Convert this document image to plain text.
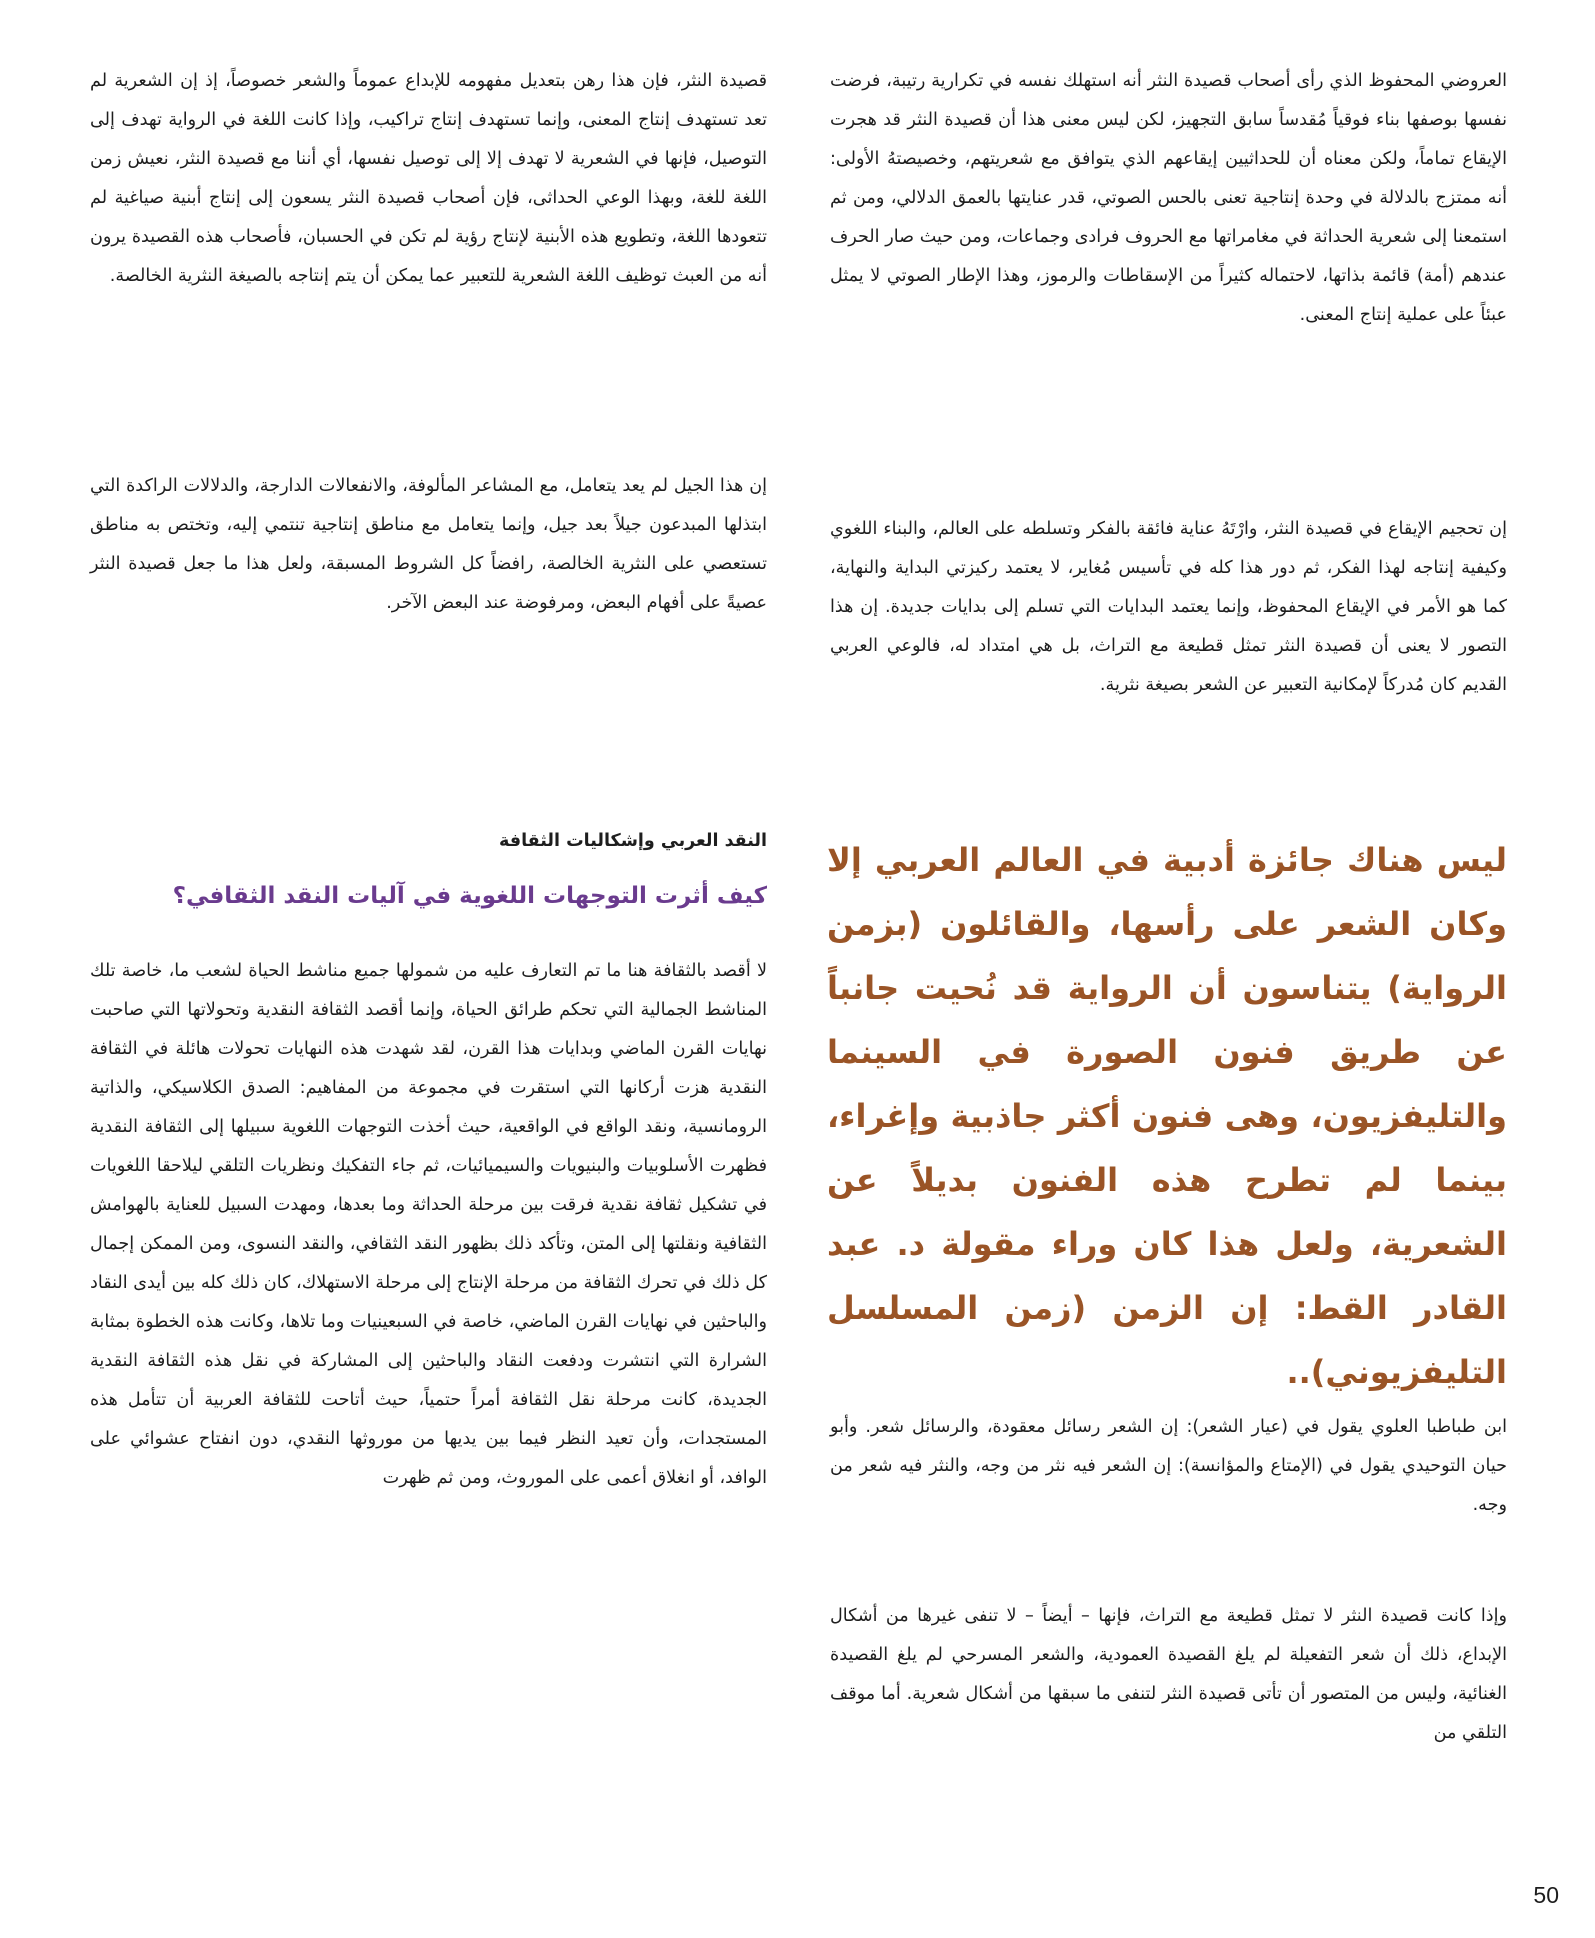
العروضي المحفوظ الذي رأى أصحاب قصيدة النثر أنه استهلك نفسه في تكرارية رتيبة، فرضت نفسها بوصفها بناء فوقياً مُقدساً سابق التجهيز، لكن ليس معنى هذا أن قصيدة النثر قد هجرت الإيقاع تماماً، ولكن معناه أن للحداثيين إيقاعهم الذي يتوافق مع شعريتهم، وخصيصتهُ الأولى: أنه ممتزج بالدلالة في وحدة إنتاجية تعنى بالحس الصوتي، قدر عنايتها بالعمق الدلالي، ومن ثم استمعنا إلى شعرية الحداثة في مغامراتها مع الحروف فرادى وجماعات، ومن حيث صار الحرف عندهم (أمة) قائمة بذاتها، لاحتماله كثيراً من الإسقاطات والرموز، وهذا الإطار الصوتي لا يمثل عبئاً على عملية إنتاج المعنى.

إن تحجيم الإيقاع في قصيدة النثر، وارْتَهُ عناية فائقة بالفكر وتسلطه على العالم، والبناء اللغوي وكيفية إنتاجه لهذا الفكر، ثم دور هذا كله في تأسيس مُغاير، لا يعتمد ركيزتي البداية والنهاية، كما هو الأمر في الإيقاع المحفوظ، وإنما يعتمد البدايات التي تسلم إلى بدايات جديدة. إن هذا التصور لا يعنى أن قصيدة النثر تمثل قطيعة مع التراث، بل هي امتداد له، فالوعي العربي القديم كان مُدركاً لإمكانية التعبير عن الشعر بصيغة نثرية.

ليس هناك جائزة أدبية في العالم العربي إلا وكان الشعر على رأسها، والقائلون (بزمن الرواية) يتناسون أن الرواية قد نُحيت جانباً عن طريق فنون الصورة في السينما والتليفزيون، وهى فنون أكثر جاذبية وإغراء، بينما لم تطرح هذه الفنون بديلاً عن الشعرية، ولعل هذا كان وراء مقولة د. عبد القادر القط: إن الزمن (زمن المسلسل التليفزيوني)..

ابن طباطبا العلوي يقول في (عيار الشعر): إن الشعر رسائل معقودة، والرسائل شعر. وأبو حيان التوحيدي يقول في (الإمتاع والمؤانسة): إن الشعر فيه نثر من وجه، والنثر فيه شعر من وجه.

وإذا كانت قصيدة النثر لا تمثل قطيعة مع التراث، فإنها – أيضاً – لا تنفى غيرها من أشكال الإبداع، ذلك أن شعر التفعيلة لم يلغ القصيدة العمودية، والشعر المسرحي لم يلغ القصيدة الغنائية، وليس من المتصور أن تأتى قصيدة النثر لتنفى ما سبقها من أشكال شعرية. أما موقف التلقي من

قصيدة النثر، فإن هذا رهن بتعديل مفهومه للإبداع عموماً والشعر خصوصاً، إذ إن الشعرية لم تعد تستهدف إنتاج المعنى، وإنما تستهدف إنتاج تراكيب، وإذا كانت اللغة في الرواية تهدف إلى التوصيل، فإنها في الشعرية لا تهدف إلا إلى توصيل نفسها، أي أننا مع قصيدة النثر، نعيش زمن اللغة للغة، وبهذا الوعي الحداثى، فإن أصحاب قصيدة النثر يسعون إلى إنتاج أبنية صياغية لم تتعودها اللغة، وتطويع هذه الأبنية لإنتاج رؤية لم تكن في الحسبان، فأصحاب هذه القصيدة يرون أنه من العبث توظيف اللغة الشعرية للتعبير عما يمكن أن يتم إنتاجه بالصيغة النثرية الخالصة.

إن هذا الجيل لم يعد يتعامل، مع المشاعر المألوفة، والانفعالات الدارجة، والدلالات الراكدة التي ابتذلها المبدعون جيلاً بعد جيل، وإنما يتعامل مع مناطق إنتاجية تنتمي إليه، وتختص به مناطق تستعصي على النثرية الخالصة، رافضاً كل الشروط المسبقة، ولعل هذا ما جعل قصيدة النثر عصيةً على أفهام البعض، ومرفوضة عند البعض الآخر.

النقد العربي وإشكاليات الثقافة
كيف أثرت التوجهات اللغوية في آليات النقد الثقافي؟

لا أقصد بالثقافة هنا ما تم التعارف عليه من شمولها جميع مناشط الحياة لشعب ما، خاصة تلك المناشط الجمالية التي تحكم طرائق الحياة، وإنما أقصد الثقافة النقدية وتحولاتها التي صاحبت نهايات القرن الماضي وبدايات هذا القرن، لقد شهدت هذه النهايات تحولات هائلة في الثقافة النقدية هزت أركانها التي استقرت في مجموعة من المفاهيم: الصدق الكلاسيكي، والذاتية الرومانسية، ونقد الواقع في الواقعية، حيث أخذت التوجهات اللغوية سبيلها إلى الثقافة النقدية فظهرت الأسلوبيات والبنيويات والسيميائيات، ثم جاء التفكيك ونظريات التلقي ليلاحقا اللغويات في تشكيل ثقافة نقدية فرقت بين مرحلة الحداثة وما بعدها، ومهدت السبيل للعناية بالهوامش الثقافية ونقلتها إلى المتن، وتأكد ذلك بظهور النقد الثقافي، والنقد النسوى، ومن الممكن إجمال كل ذلك في تحرك الثقافة من مرحلة الإنتاج إلى مرحلة الاستهلاك، كان ذلك كله بين أيدى النقاد والباحثين في نهايات القرن الماضي، خاصة في السبعينيات وما تلاها، وكانت هذه الخطوة بمثابة الشرارة التي انتشرت ودفعت النقاد والباحثين إلى المشاركة في نقل هذه الثقافة النقدية الجديدة، كانت مرحلة نقل الثقافة أمراً حتمياً، حيث أتاحت للثقافة العربية أن تتأمل هذه المستجدات، وأن تعيد النظر فيما بين يديها من موروثها النقدي، دون انفتاح عشوائي على الوافد، أو انغلاق أعمى على الموروث، ومن ثم ظهرت

50
